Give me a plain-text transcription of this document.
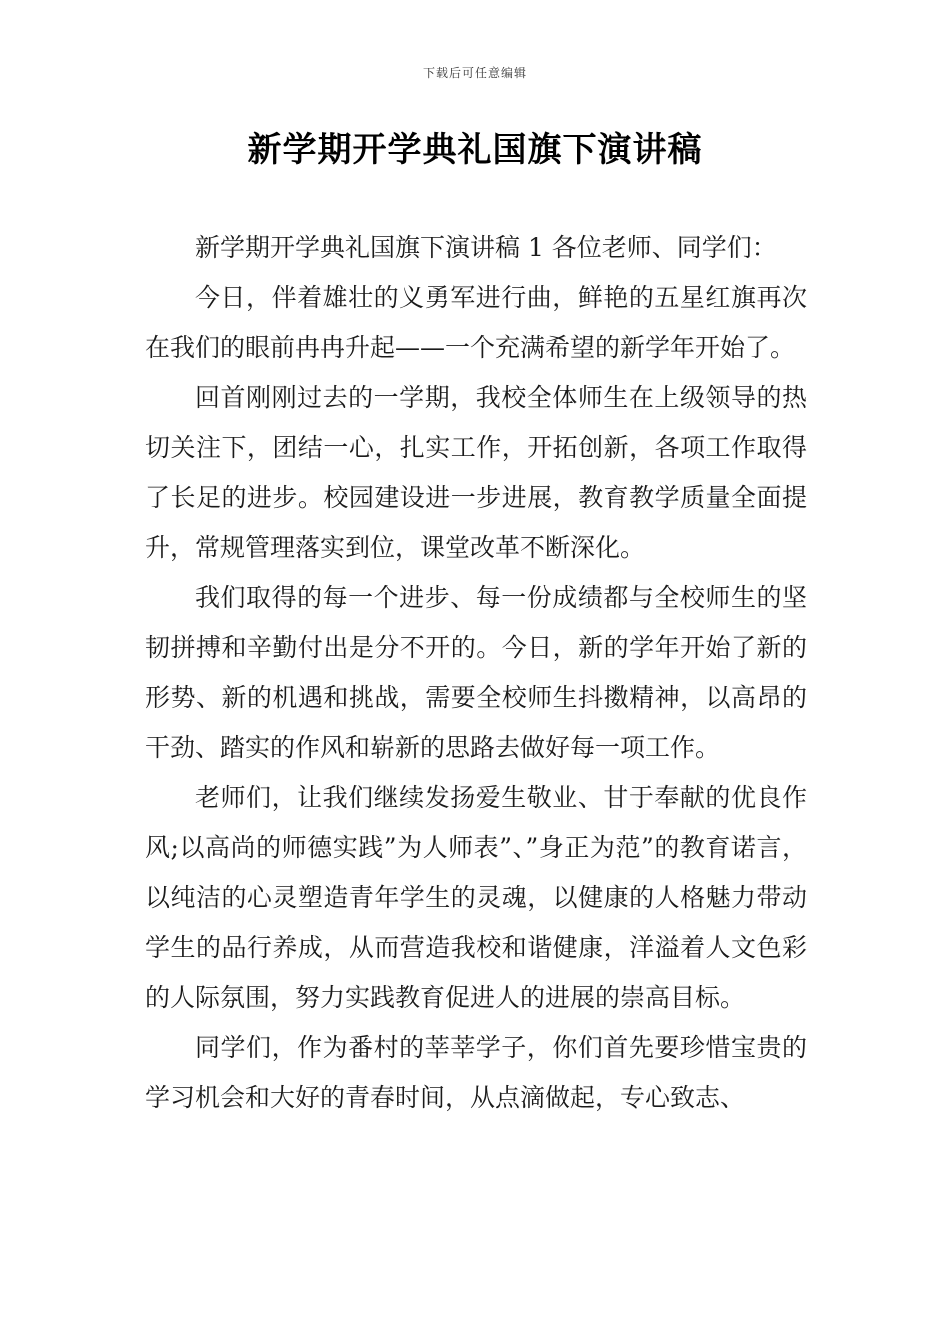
下载后可任意编辑
新学期开学典礼国旗下演讲稿

新学期开学典礼国旗下演讲稿 1 各位老师、同学们：

今日，伴着雄壮的义勇军进行曲，鲜艳的五星红旗再次在我们的眼前冉冉升起——一个充满希望的新学年开始了。

回首刚刚过去的一学期，我校全体师生在上级领导的热切关注下，团结一心，扎实工作，开拓创新，各项工作取得了长足的进步。校园建设进一步进展，教育教学质量全面提升，常规管理落实到位，课堂改革不断深化。

我们取得的每一个进步、每一份成绩都与全校师生的坚韧拼搏和辛勤付出是分不开的。今日，新的学年开始了新的形势、新的机遇和挑战，需要全校师生抖擞精神，以高昂的干劲、踏实的作风和崭新的思路去做好每一项工作。

老师们，让我们继续发扬爱生敬业、甘于奉献的优良作风;以高尚的师德实践”为人师表”、”身正为范”的教育诺言，以纯洁的心灵塑造青年学生的灵魂，以健康的人格魅力带动学生的品行养成，从而营造我校和谐健康，洋溢着人文色彩的人际氛围，努力实践教育促进人的进展的崇高目标。

同学们，作为番村的莘莘学子，你们首先要珍惜宝贵的学习机会和大好的青春时间，从点滴做起，专心致志、
